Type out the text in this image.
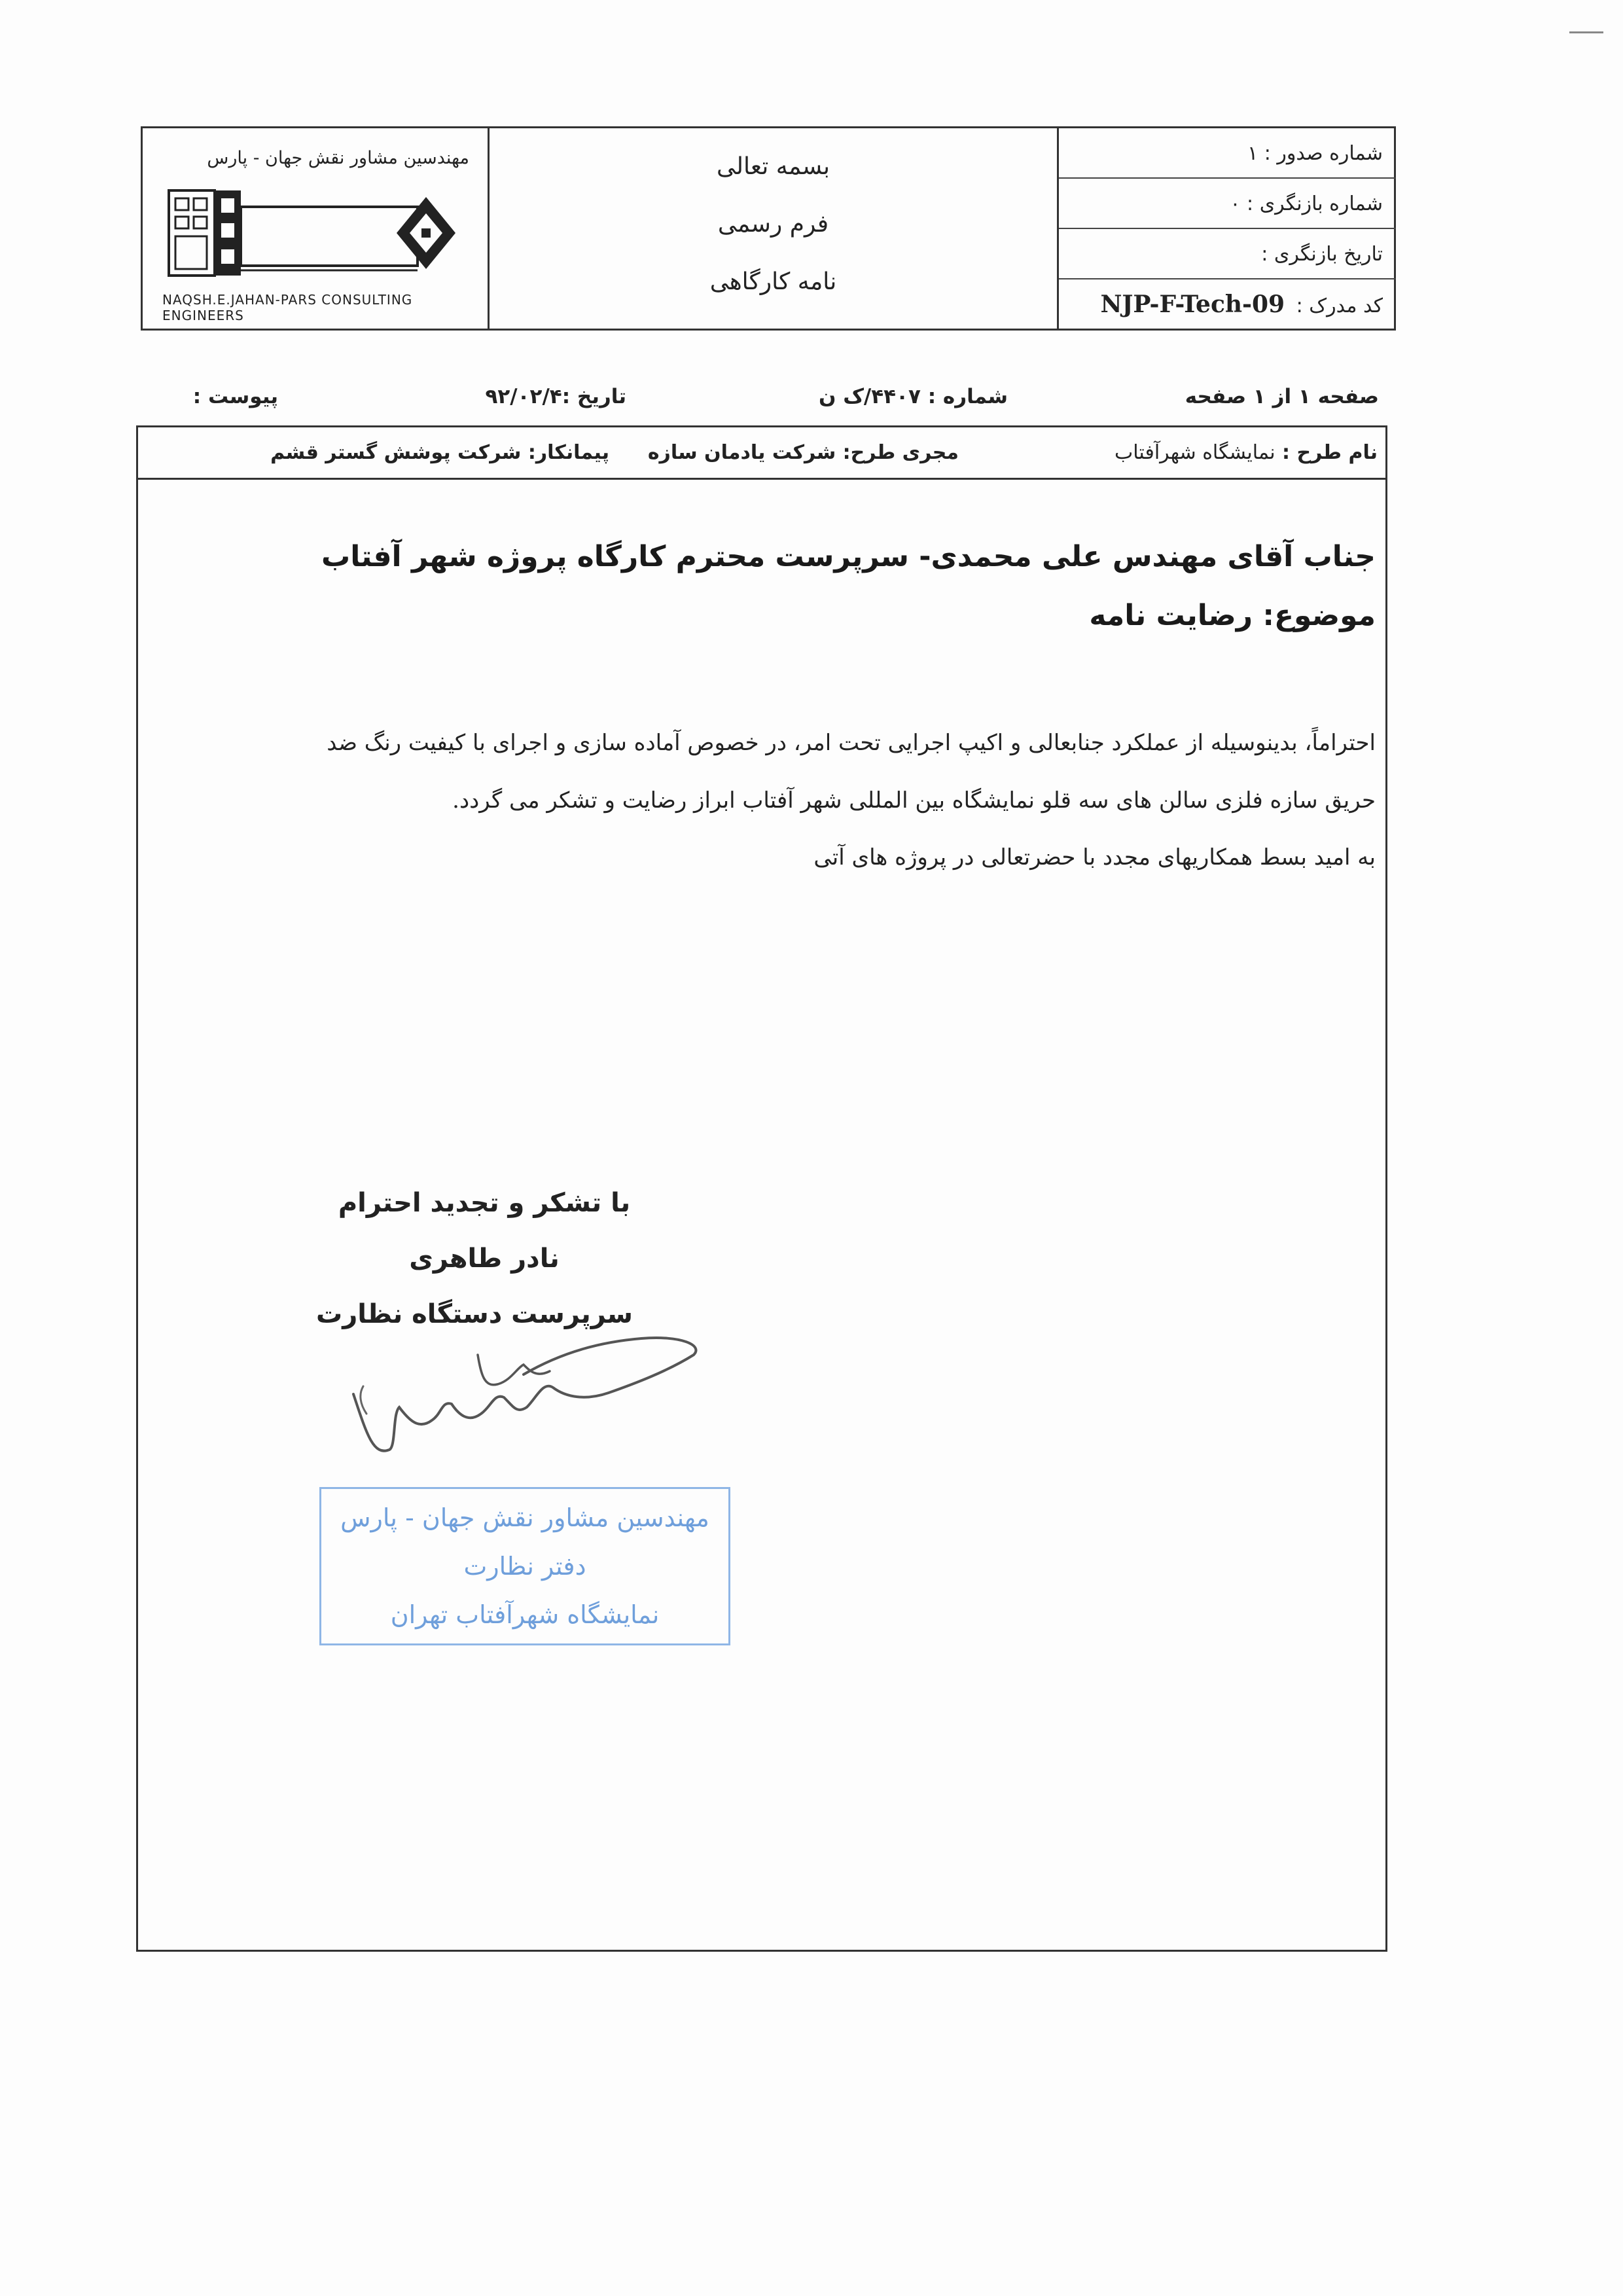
مهندسین مشاور نقش جهان - پارس
NAQSH.E.JAHAN-PARS CONSULTING ENGINEERS
بسمه تعالی
فرم رسمی
نامه کارگاهی
شماره صدور : ۱
شماره بازنگری : ۰
تاریخ بازنگری :
کد مدرک : NJP-F-Tech-09
صفحه ۱ از ۱ صفحه
شماره : ۴۴۰۷/ک ن
تاریخ :۹۲/۰۲/۴
پیوست :
نام طرح : نمایشگاه شهرآفتاب
مجری طرح: شرکت یادمان سازه
پیمانکار: شرکت پوشش گستر قشم
جناب آقای مهندس علی محمدی- سرپرست محترم کارگاه پروژه شهر آفتاب
موضوع: رضایت نامه
احتراماً، بدینوسیله از عملکرد جنابعالی و اکیپ اجرایی تحت امر، در خصوص آماده سازی و اجرای با کیفیت رنگ ضد
حریق سازه فلزی سالن های سه قلو نمایشگاه بین المللی شهر آفتاب ابراز رضایت و تشکر می گردد.
به امید بسط همکاریهای مجدد با حضرتعالی در پروژه های آتی
با تشکر و تجدید احترام
نادر طاهری
سرپرست دستگاه نظارت
مهندسین مشاور نقش جهان - پارس
دفتر نظارت
نمایشگاه شهرآفتاب تهران
